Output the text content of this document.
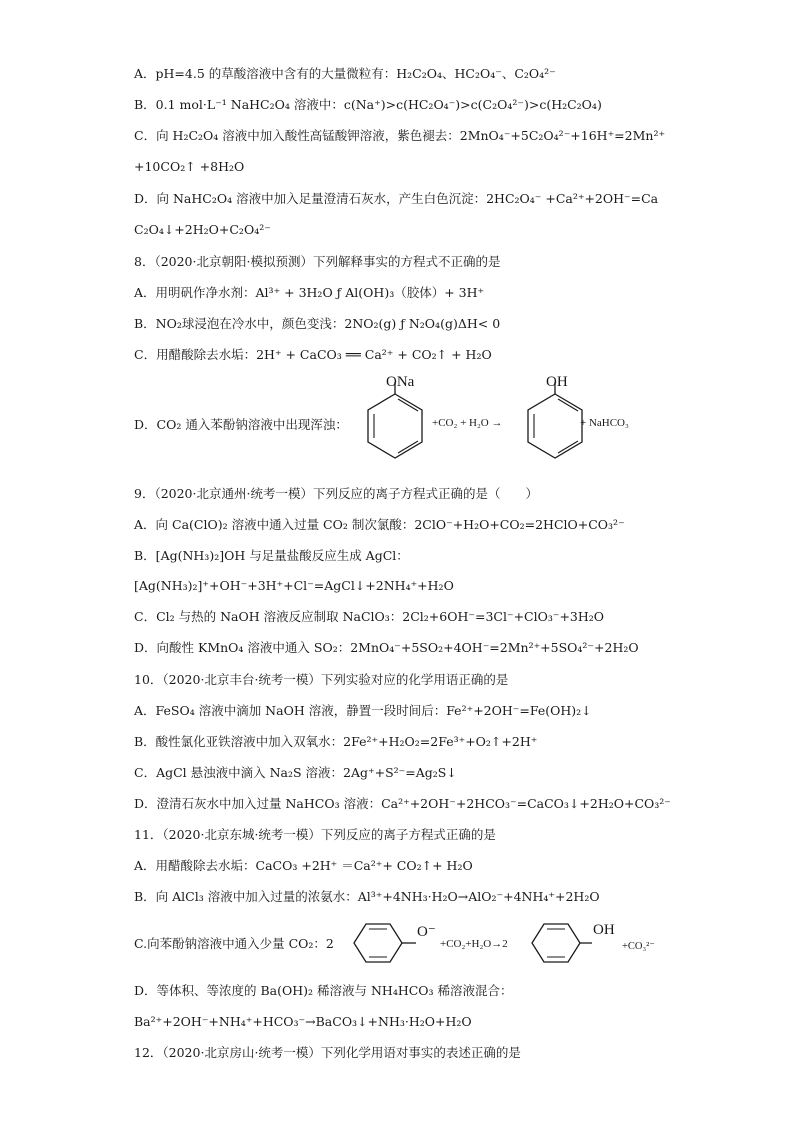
A．pH=4.5 的草酸溶液中含有的大量微粒有：H₂C₂O₄、HC₂O₄⁻、C₂O₄²⁻
B．0.1 mol·L⁻¹ NaHC₂O₄ 溶液中：c(Na⁺)>c(HC₂O₄⁻)>c(C₂O₄²⁻)>c(H₂C₂O₄)
C．向 H₂C₂O₄ 溶液中加入酸性高锰酸钾溶液，紫色褪去：2MnO₄⁻+5C₂O₄²⁻+16H⁺=2Mn²⁺
+10CO₂↑ +8H₂O
D．向 NaHC₂O₄ 溶液中加入足量澄清石灰水，产生白色沉淀：2HC₂O₄⁻ +Ca²⁺+2OH⁻=Ca
C₂O₄↓+2H₂O+C₂O₄²⁻
8．（2020·北京朝阳·模拟预测）下列解释事实的方程式不正确的是
A．用明矾作净水剂：Al³⁺ + 3H₂O ƒ Al(OH)₃（胶体）+ 3H⁺
B．NO₂球浸泡在冷水中，颜色变浅：2NO₂(g) ƒ N₂O₄(g)ΔH< 0
C．用醋酸除去水垢：2H⁺ + CaCO₃ ══ Ca²⁺ + CO₂↑ + H₂O
D．CO₂ 通入苯酚钠溶液中出现浑浊：
ONa
+CO₂ + H₂O →
OH
+ NaHCO₃
9．（2020·北京通州·统考一模）下列反应的离子方程式正确的是（　　）
A．向 Ca(ClO)₂ 溶液中通入过量 CO₂ 制次氯酸：2ClO⁻+H₂O+CO₂=2HClO+CO₃²⁻
B．[Ag(NH₃)₂]OH 与足量盐酸反应生成 AgCl：
[Ag(NH₃)₂]⁺+OH⁻+3H⁺+Cl⁻=AgCl↓+2NH₄⁺+H₂O
C．Cl₂ 与热的 NaOH 溶液反应制取 NaClO₃：2Cl₂+6OH⁻=3Cl⁻+ClO₃⁻+3H₂O
D．向酸性 KMnO₄ 溶液中通入 SO₂：2MnO₄⁻+5SO₂+4OH⁻=2Mn²⁺+5SO₄²⁻+2H₂O
10．（2020·北京丰台·统考一模）下列实验对应的化学用语正确的是
A．FeSO₄ 溶液中滴加 NaOH 溶液，静置一段时间后：Fe²⁺+2OH⁻=Fe(OH)₂↓
B．酸性氯化亚铁溶液中加入双氧水：2Fe²⁺+H₂O₂=2Fe³⁺+O₂↑+2H⁺
C．AgCl 悬浊液中滴入 Na₂S 溶液：2Ag⁺+S²⁻=Ag₂S↓
D．澄清石灰水中加入过量 NaHCO₃ 溶液：Ca²⁺+2OH⁻+2HCO₃⁻=CaCO₃↓+2H₂O+CO₃²⁻
11．（2020·北京东城·统考一模）下列反应的离子方程式正确的是
A．用醋酸除去水垢：CaCO₃ +2H⁺ ＝Ca²⁺+ CO₂↑+ H₂O
B．向 AlCl₃ 溶液中加入过量的浓氨水：Al³⁺+4NH₃·H₂O→AlO₂⁻+4NH₄⁺+2H₂O
C.向苯酚钠溶液中通入少量 CO₂：2
O⁻
+CO₂+H₂O→2
OH
+CO₃²⁻
D．等体积、等浓度的 Ba(OH)₂ 稀溶液与 NH₄HCO₃ 稀溶液混合：
Ba²⁺+2OH⁻+NH₄⁺+HCO₃⁻→BaCO₃↓+NH₃·H₂O+H₂O
12．（2020·北京房山·统考一模）下列化学用语对事实的表述正确的是
